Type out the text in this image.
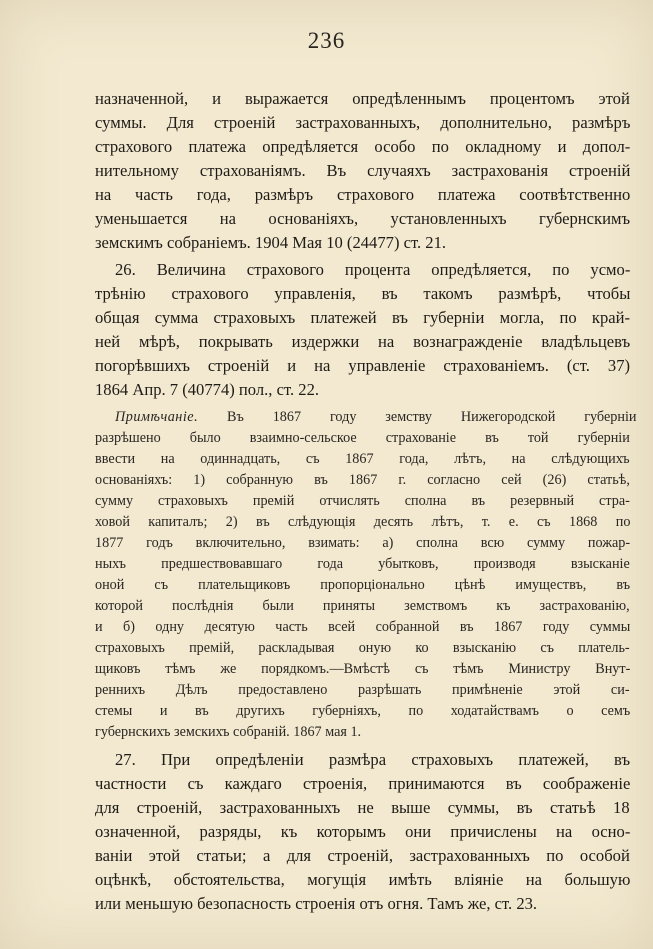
236
назначенной, и выражается опредѣленнымъ процентомъ этой
суммы. Для строеній застрахованныхъ, дополнительно, размѣръ
страхового платежа опредѣляется особо по окладному и допол-
нительному страхованіямъ. Въ случаяхъ застрахованія строеній
на часть года, размѣръ страхового платежа соотвѣтственно
уменьшается на основаніяхъ, установленныхъ губернскимъ
земскимъ собраніемъ. 1904 Мая 10 (24477) ст. 21.
26. Величина страхового процента опредѣляется, по усмо-
трѣнію страхового управленія, въ такомъ размѣрѣ, чтобы
общая сумма страховыхъ платежей въ губерніи могла, по край-
ней мѣрѣ, покрывать издержки на вознагражденіе владѣльцевъ
погорѣвшихъ строеній и на управленіе страхованіемъ. (ст. 37)
1864 Апр. 7 (40774) пол., ст. 22.
Примѣчаніе. Въ 1867 году земству Нижегородской губерніи
разрѣшено было взаимно-сельское страхованіе въ той губерніи
ввести на одиннадцать, съ 1867 года, лѣтъ, на слѣдующихъ
основаніяхъ: 1) собранную въ 1867 г. согласно сей (26) статьѣ,
сумму страховыхъ премій отчислять сполна въ резервный стра-
ховой капиталъ; 2) въ слѣдующія десять лѣтъ, т. е. съ 1868 по
1877 годъ включительно, взимать: а) сполна всю сумму пожар-
ныхъ предшествовавшаго года убытковъ, производя взысканіе
оной съ плательщиковъ пропорціонально цѣнѣ имуществъ, въ
которой послѣднія были приняты земствомъ къ застрахованію,
и б) одну десятую часть всей собранной въ 1867 году суммы
страховыхъ премій, раскладывая оную ко взысканію съ платель-
щиковъ тѣмъ же порядкомъ.—Вмѣстѣ съ тѣмъ Министру Внут-
реннихъ Дѣлъ предоставлено разрѣшать примѣненіе этой си-
стемы и въ другихъ губерніяхъ, по ходатайствамъ о семъ
губернскихъ земскихъ собраній. 1867 мая 1.
27. При опредѣленіи размѣра страховыхъ платежей, въ
частности съ каждаго строенія, принимаются въ соображеніе
для строеній, застрахованныхъ не выше суммы, въ статьѣ 18
означенной, разряды, къ которымъ они причислены на осно-
ваніи этой статьи; а для строеній, застрахованныхъ по особой
оцѣнкѣ, обстоятельства, могущія имѣть вліяніе на большую
или меньшую безопасность строенія отъ огня. Тамъ же, ст. 23.
